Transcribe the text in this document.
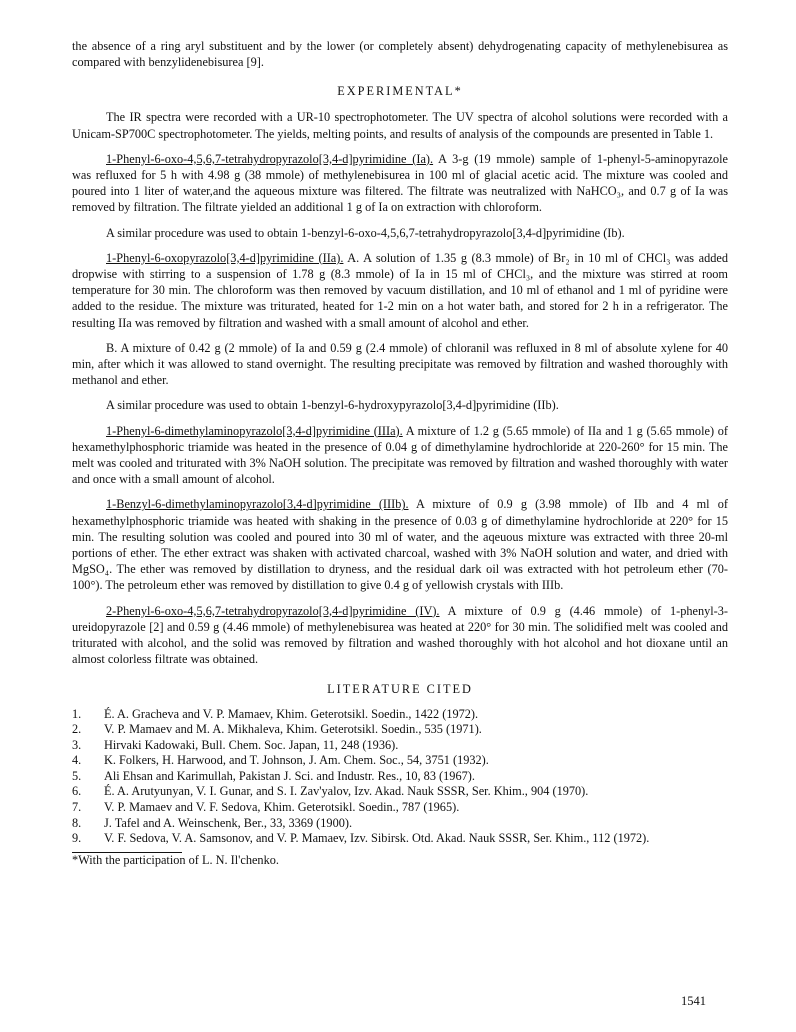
the absence of a ring aryl substituent and by the lower (or completely absent) dehydrogenating capacity of methylenebisurea as compared with benzylidenebisurea [9].

EXPERIMENTAL*

The IR spectra were recorded with a UR-10 spectrophotometer. The UV spectra of alcohol solutions were recorded with a Unicam-SP700C spectrophotometer. The yields, melting points, and results of analysis of the compounds are presented in Table 1.

1-Phenyl-6-oxo-4,5,6,7-tetrahydropyrazolo[3,4-d]pyrimidine (Ia). A 3-g (19 mmole) sample of 1-phenyl-5-aminopyrazole was refluxed for 5 h with 4.98 g (38 mmole) of methylenebisurea in 100 ml of glacial acetic acid. The mixture was cooled and poured into 1 liter of water,and the aqueous mixture was filtered. The filtrate was neutralized with NaHCO₃, and 0.7 g of Ia was removed by filtration. The filtrate yielded an additional 1 g of Ia on extraction with chloroform.

A similar procedure was used to obtain 1-benzyl-6-oxo-4,5,6,7-tetrahydropyrazolo[3,4-d]pyrimidine (Ib).

1-Phenyl-6-oxopyrazolo[3,4-d]pyrimidine (IIa). A. A solution of 1.35 g (8.3 mmole) of Br₂ in 10 ml of CHCl₃ was added dropwise with stirring to a suspension of 1.78 g (8.3 mmole) of Ia in 15 ml of CHCl₃, and the mixture was stirred at room temperature for 30 min. The chloroform was then removed by vacuum distillation, and 10 ml of ethanol and 1 ml of pyridine were added to the residue. The mixture was triturated, heated for 1-2 min on a hot water bath, and stored for 2 h in a refrigerator. The resulting IIa was removed by filtration and washed with a small amount of alcohol and ether.

B. A mixture of 0.42 g (2 mmole) of Ia and 0.59 g (2.4 mmole) of chloranil was refluxed in 8 ml of absolute xylene for 40 min, after which it was allowed to stand overnight. The resulting precipitate was removed by filtration and washed thoroughly with methanol and ether.

A similar procedure was used to obtain 1-benzyl-6-hydroxypyrazolo[3,4-d]pyrimidine (IIb).

1-Phenyl-6-dimethylaminopyrazolo[3,4-d]pyrimidine (IIIa). A mixture of 1.2 g (5.65 mmole) of IIa and 1 g (5.65 mmole) of hexamethylphosphoric triamide was heated in the presence of 0.04 g of dimethylamine hydrochloride at 220-260° for 15 min. The melt was cooled and triturated with 3% NaOH solution. The precipitate was removed by filtration and washed thoroughly with water and once with a small amount of alcohol.

1-Benzyl-6-dimethylaminopyrazolo[3,4-d]pyrimidine (IIIb). A mixture of 0.9 g (3.98 mmole) of IIb and 4 ml of hexamethylphosphoric triamide was heated with shaking in the presence of 0.03 g of dimethylamine hydrochloride at 220° for 15 min. The resulting solution was cooled and poured into 30 ml of water, and the aqeuous mixture was extracted with three 20-ml portions of ether. The ether extract was shaken with activated charcoal, washed with 3% NaOH solution and water, and dried with MgSO₄. The ether was removed by distillation to dryness, and the residual dark oil was extracted with hot petroleum ether (70-100°). The petroleum ether was removed by distillation to give 0.4 g of yellowish crystals with IIIb.

2-Phenyl-6-oxo-4,5,6,7-tetrahydropyrazolo[3,4-d]pyrimidine (IV). A mixture of 0.9 g (4.46 mmole) of 1-phenyl-3-ureidopyrazole [2] and 0.59 g (4.46 mmole) of methylenebisurea was heated at 220° for 30 min. The solidified melt was cooled and triturated with alcohol, and the solid was removed by filtration and washed thoroughly with hot alcohol and hot dioxane until an almost colorless filtrate was obtained.

LITERATURE CITED
1.	É. A. Gracheva and V. P. Mamaev, Khim. Geterotsikl. Soedin., 1422 (1972).
2.	V. P. Mamaev and M. A. Mikhaleva, Khim. Geterotsikl. Soedin., 535 (1971).
3.	Hirvaki Kadowaki, Bull. Chem. Soc. Japan, 11, 248 (1936).
4.	K. Folkers, H. Harwood, and T. Johnson, J. Am. Chem. Soc., 54, 3751 (1932).
5.	Ali Ehsan and Karimullah, Pakistan J. Sci. and Industr. Res., 10, 83 (1967).
6.	É. A. Arutyunyan, V. I. Gunar, and S. I. Zav'yalov, Izv. Akad. Nauk SSSR, Ser. Khim., 904 (1970).
7.	V. P. Mamaev and V. F. Sedova, Khim. Geterotsikl. Soedin., 787 (1965).
8.	J. Tafel and A. Weinschenk, Ber., 33, 3369 (1900).
9.	V. F. Sedova, V. A. Samsonov, and V. P. Mamaev, Izv. Sibirsk. Otd. Akad. Nauk SSSR, Ser. Khim., 112 (1972).
*With the participation of L. N. Il'chenko.
1541
